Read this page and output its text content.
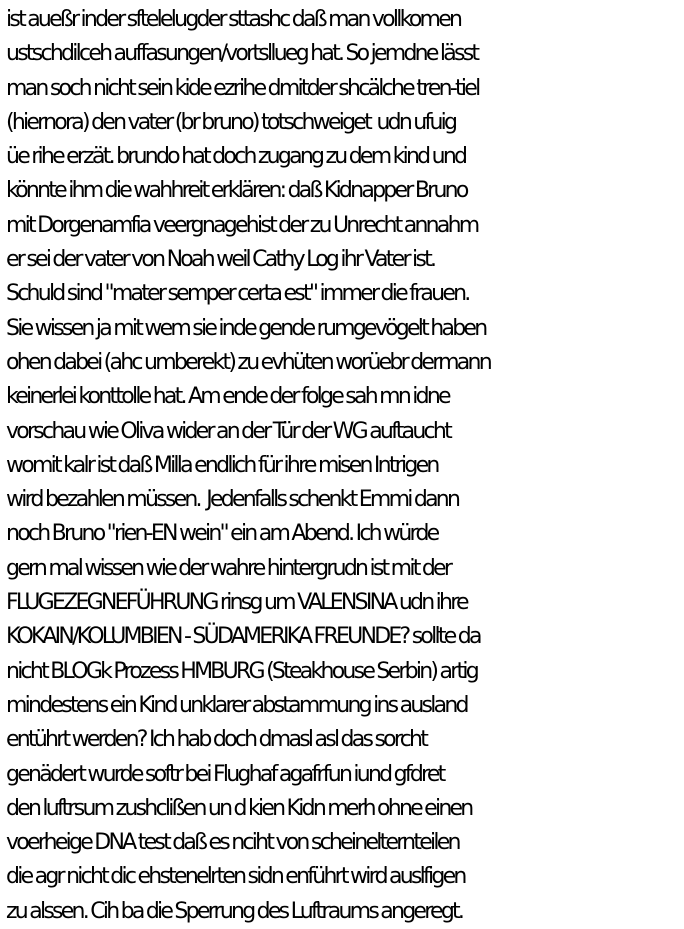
ist aueßr inder sftelelugder sttashc daß man vollkomen
ustschdilceh auffasungen/vortsllueg hat. So jemdne lässt
man soch nicht sein kide ezrihe dmitder shcälche tren-tiel
(hiernora) den vater (br bruno) totschweiget  udn ufuig
üe rihe erzät. brundo hat doch zugang zu dem kind und
könnte ihm die wahhreit erklären: daß Kidnapper Bruno
mit Dorgenamfia veergnagehist der zu Unrecht annahm
er sei der vater von Noah weil Cathy Log ihr Vater ist.
Schuld sind "mater semper certa est" immer die frauen.
Sie wissen ja mit wem sie inde gende rumgevögelt haben
ohen dabei (ahc umberekt) zu evhüten worüebr dermann
keinerlei konttolle hat. Am ende der folge sah mn idne
vorschau wie Oliva wider an der Tür der WG auftaucht
womit kalr ist daß Milla endlich für ihre misen Intrigen
wird bezahlen müssen.  Jedenfalls schenkt Emmi dann
noch Bruno "rien-EN wein" ein am Abend. Ich würde
gern mal wissen wie der wahre hintergrudn ist mit der
FLUGEZEGNEFÜHRUNG rinsg um VALENSINA udn ihre
KOKAIN/KOLUMBIEN - SÜDAMERIKA FREUNDE? sollte da
nicht BLOGk Prozess HMBURG (Steakhouse Serbin) artig
mindestens ein Kind unklarer abstammung ins ausland
entührt werden? Ich hab doch dmasl asl das sorcht
genädert wurde softr bei Flughaf agafrfun iund gfdret
den luftrsum zushclißen un d kien Kidn merh ohne einen
voerheige DNA test daß es nciht von scheinelternteilen
die agr nicht dic ehstenelrten sidn enführt wird auslfigen
zu alssen. Cih ba die Sperrung des Luftraums angeregt.
